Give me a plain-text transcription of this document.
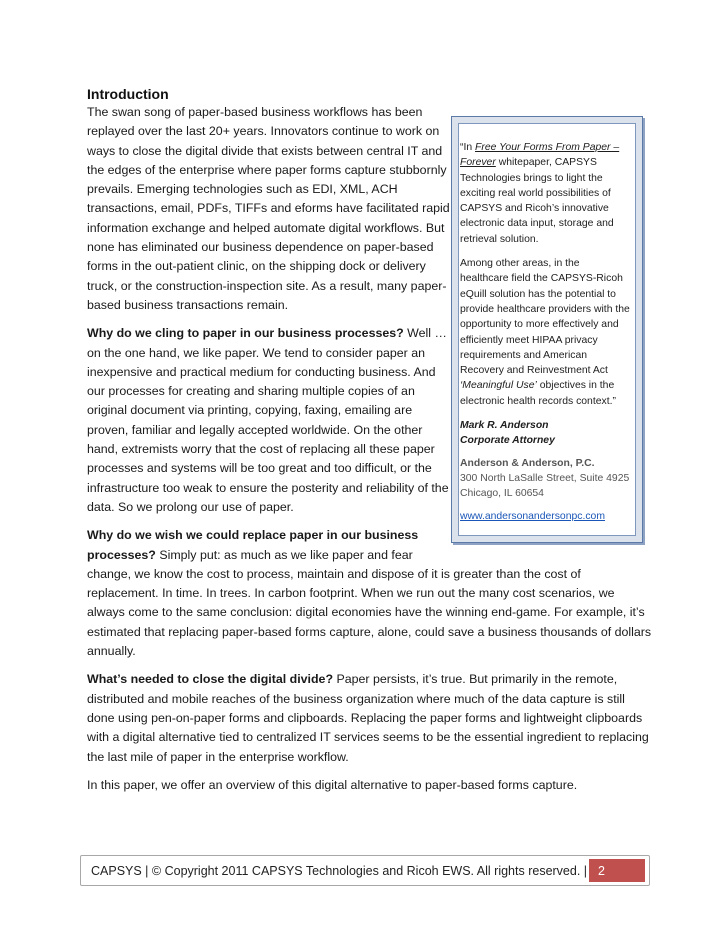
Introduction

The swan song of paper-based business workflows has been replayed over the last 20+ years. Innovators continue to work on ways to close the digital divide that exists between central IT and the edges of the enterprise where paper forms capture stubbornly prevails. Emerging technologies such as EDI, XML, ACH transactions, email, PDFs, TIFFs and eforms have facilitated rapid information exchange and helped automate digital workflows. But none has eliminated our business dependence on paper-based forms in the out-patient clinic, on the shipping dock or delivery truck, or the construction-inspection site. As a result, many paper-based business transactions remain.

Why do we cling to paper in our business processes? Well … on the one hand, we like paper. We tend to consider paper an inexpensive and practical medium for conducting business. And our processes for creating and sharing multiple copies of an original document via printing, copying, faxing, emailing are proven, familiar and legally accepted worldwide. On the other hand, extremists worry that the cost of replacing all these paper processes and systems will be too great and too difficult, or the infrastructure too weak to ensure the posterity and reliability of the data. So we prolong our use of paper.

Why do we wish we could replace paper in our business processes? Simply put: as much as we like paper and fear change, we know the cost to process, maintain and dispose of it is greater than the cost of replacement. In time. In trees. In carbon footprint. When we run out the many cost scenarios, we always come to the same conclusion: digital economies have the winning end-game. For example, it’s estimated that replacing paper-based forms capture, alone, could save a business thousands of dollars annually.

What’s needed to close the digital divide? Paper persists, it’s true. But primarily in the remote, distributed and mobile reaches of the business organization where much of the data capture is still done using pen-on-paper forms and clipboards. Replacing the paper forms and lightweight clipboards with a digital alternative tied to centralized IT services seems to be the essential ingredient to replacing the last mile of paper in the enterprise workflow.

In this paper, we offer an overview of this digital alternative to paper-based forms capture.

“In Free Your Forms From Paper – Forever whitepaper, CAPSYS Technologies brings to light the exciting real world possibilities of CAPSYS and Ricoh’s innovative electronic data input, storage and retrieval solution.

Among other areas, in the healthcare field the CAPSYS-Ricoh eQuill solution has the potential to provide healthcare providers with the opportunity to more effectively and efficiently meet HIPAA privacy requirements and American Recovery and Reinvestment Act ‘Meaningful Use’ objectives in the electronic health records context.”

Mark R. Anderson
Corporate Attorney

Anderson & Anderson, P.C.
300 North LaSalle Street, Suite 4925
Chicago, IL 60654

www.andersonandersonpc.com

CAPSYS | © Copyright 2011 CAPSYS Technologies and Ricoh EWS. All rights reserved. | 2
